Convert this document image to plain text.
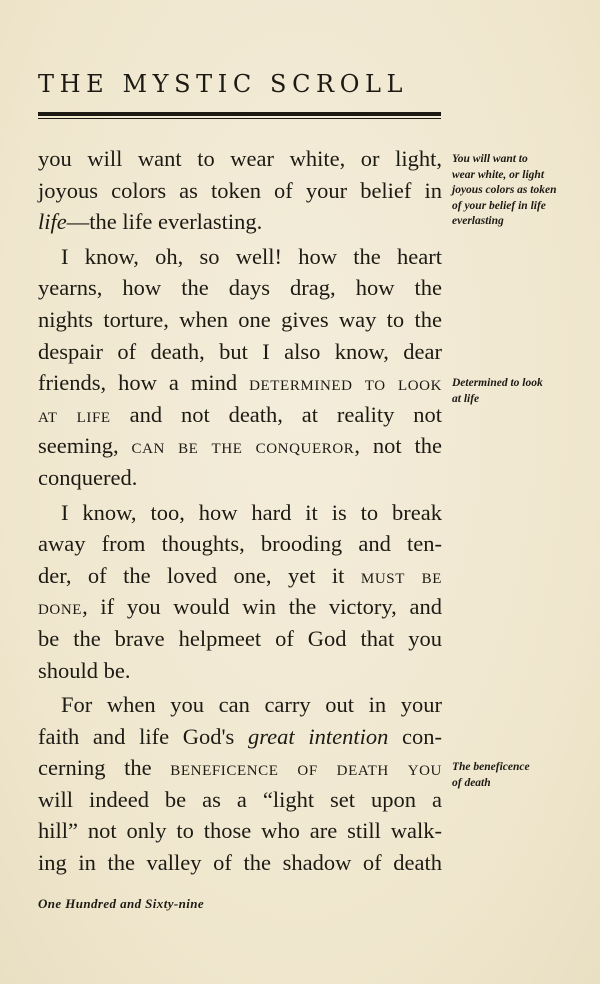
THE MYSTIC SCROLL
you will want to wear white, or light,
joyous colors as token of your belief in
life—the life everlasting.
I know, oh, so well! how the heart
yearns, how the days drag, how the
nights torture, when one gives way to the
despair of death, but I also know, dear
friends, how a mind determined to look
at life and not death, at reality not
seeming, can be the conqueror, not the
conquered.
I know, too, how hard it is to break
away from thoughts, brooding and ten-
der, of the loved one, yet it must be
done, if you would win the victory, and
be the brave helpmeet of God that you
should be.
For when you can carry out in your
faith and life God's great intention con-
cerning the beneficence of death you
will indeed be as a “light set upon a
hill” not only to those who are still walk-
ing in the valley of the shadow of death
You will want to
wear white, or light
joyous colors as token
of your belief in life
everlasting
Determined to look
at life
The beneficence
of death
One Hundred and Sixty-nine
